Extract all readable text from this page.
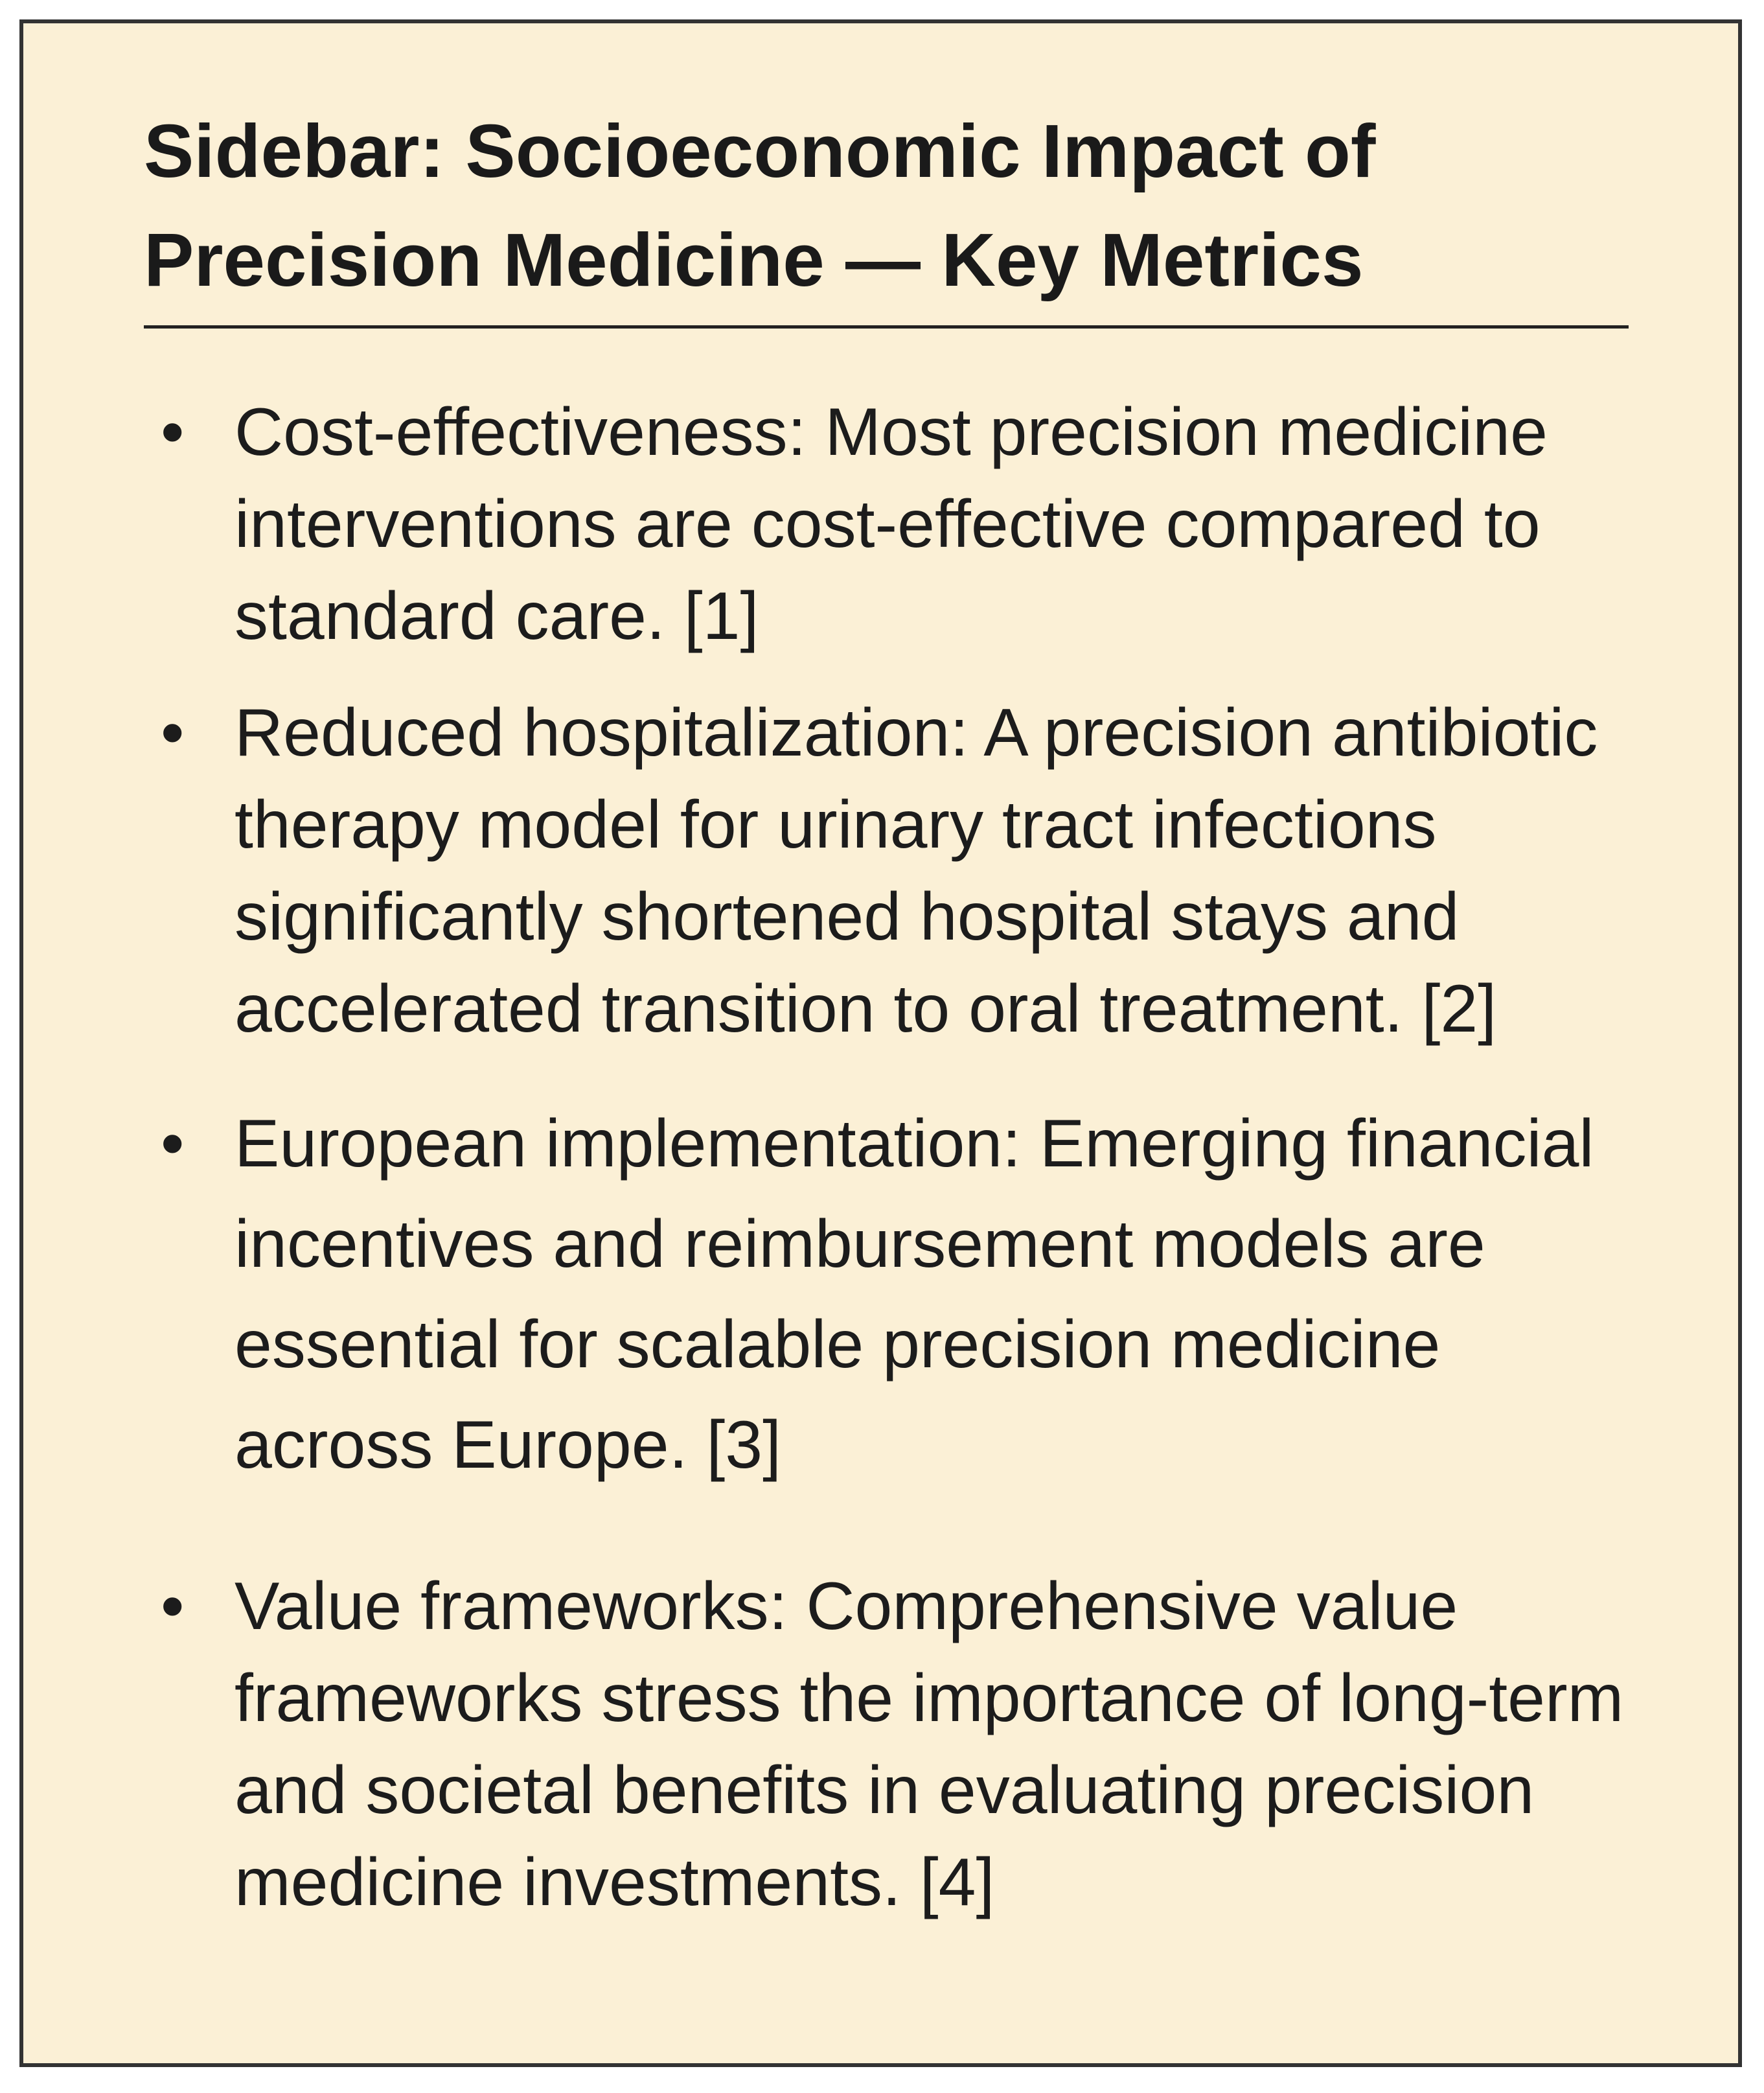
Sidebar: Socioeconomic Impact of Precision Medicine — Key Metrics
• Cost-effectiveness: Most precision medicine interventions are cost-effective compared to standard care. [1]
• Reduced hospitalization: A precision antibiotic therapy model for urinary tract infections significantly shortened hospital stays and accelerated transition to oral treatment. [2]
• European implementation: Emerging financial incentives and reimbursement models are essential for scalable precision medicine across Europe. [3]
• Value frameworks: Comprehensive value frameworks stress the importance of long-term and societal benefits in evaluating precision medicine investments. [4]
